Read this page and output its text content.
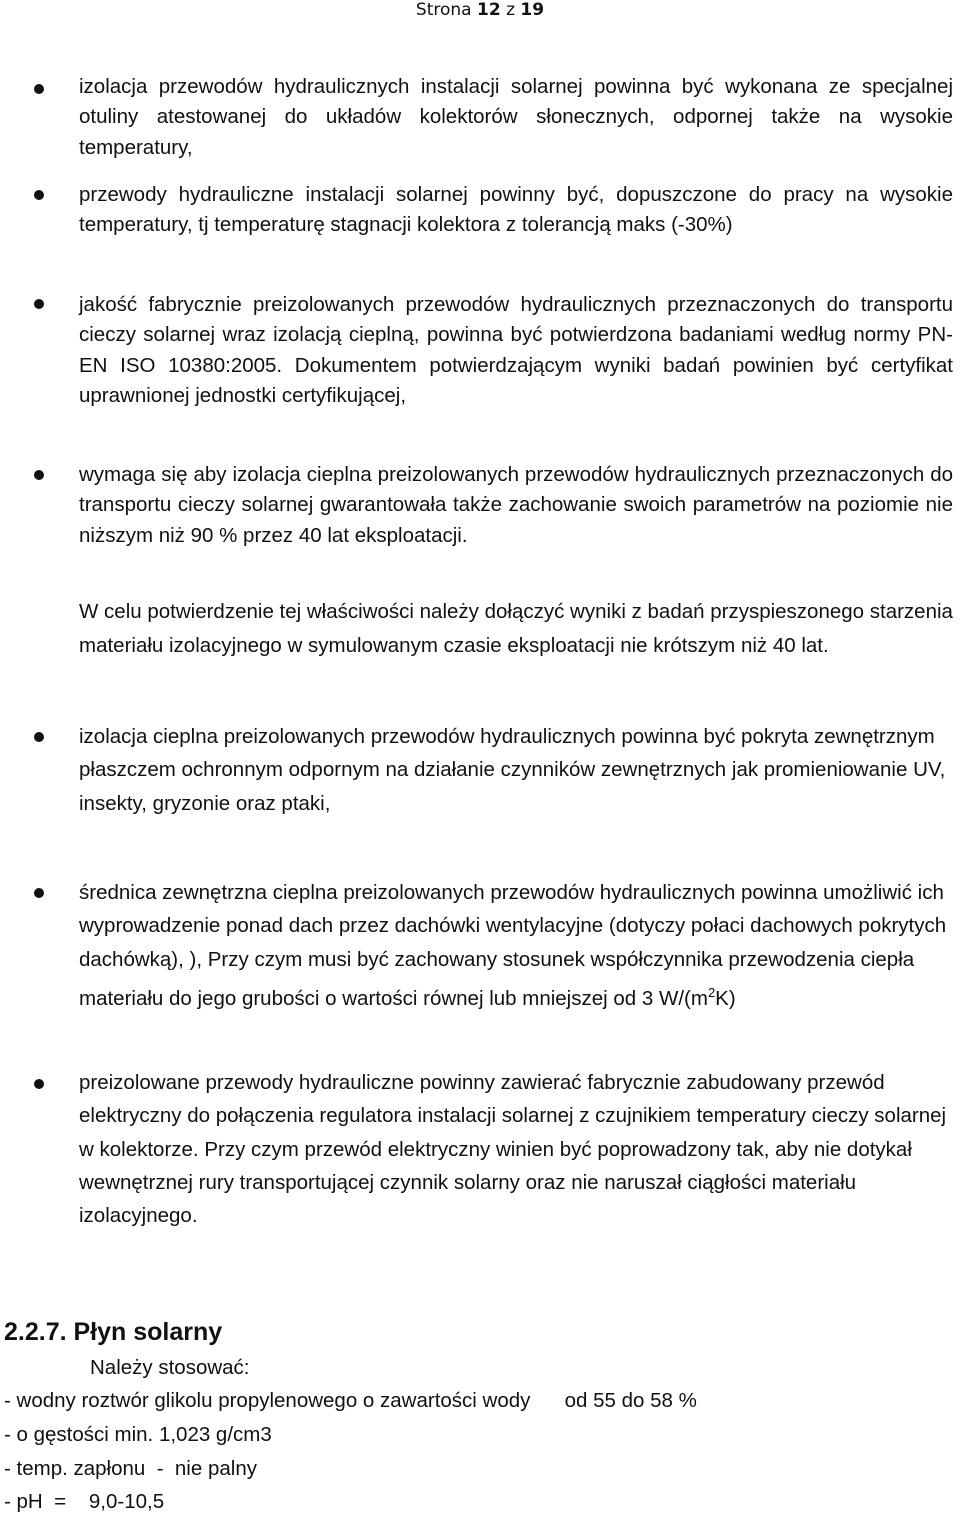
Strona 12 z 19
izolacja przewodów hydraulicznych instalacji solarnej powinna być wykonana ze specjalnej otuliny atestowanej do układów kolektorów słonecznych, odpornej także na wysokie temperatury,
przewody hydrauliczne instalacji solarnej powinny być, dopuszczone do pracy na wysokie temperatury, tj temperaturę stagnacji kolektora z tolerancją maks (-30%)
jakość fabrycznie preizolowanych przewodów hydraulicznych przeznaczonych do transportu cieczy solarnej wraz izolacją cieplną, powinna być potwierdzona badaniami według normy PN-EN ISO 10380:2005. Dokumentem potwierdzającym wyniki badań powinien być certyfikat uprawnionej jednostki certyfikującej,
wymaga się aby izolacja cieplna preizolowanych przewodów hydraulicznych przeznaczonych do transportu cieczy solarnej gwarantowała także zachowanie swoich parametrów na poziomie nie niższym niż 90 % przez 40 lat eksploatacji.
W celu potwierdzenie tej właściwości należy dołączyć wyniki z badań przyspieszonego starzenia materiału izolacyjnego w symulowanym czasie eksploatacji nie krótszym niż 40 lat.
izolacja cieplna preizolowanych przewodów hydraulicznych powinna być pokryta zewnętrznym płaszczem ochronnym odpornym na działanie czynników zewnętrznych jak promieniowanie UV, insekty, gryzonie oraz ptaki,
średnica zewnętrzna cieplna preizolowanych przewodów hydraulicznych powinna umożliwić ich wyprowadzenie ponad dach przez dachówki wentylacyjne (dotyczy połaci dachowych pokrytych dachówką), ), Przy czym musi być zachowany stosunek współczynnika przewodzenia ciepła materiału do jego grubości o wartości równej lub mniejszej od 3 $W/(m^2K)$
preizolowane przewody hydrauliczne powinny zawierać fabrycznie zabudowany przewód elektryczny do połączenia regulatora instalacji solarnej z czujnikiem temperatury cieczy solarnej w kolektorze. Przy czym przewód elektryczny winien być poprowadzony tak, aby nie dotykał wewnętrznej rury transportującej czynnik solarny oraz nie naruszał ciągłości materiału izolacyjnego.
2.2.7. Płyn solarny
Należy stosować:
- wodny roztwór glikolu propylenowego o zawartości wody      od 55 do 58 %
- o gęstości min. 1,023 g/cm3
- temp. zapłonu  -  nie palny
- pH  =    9,0-10,5
